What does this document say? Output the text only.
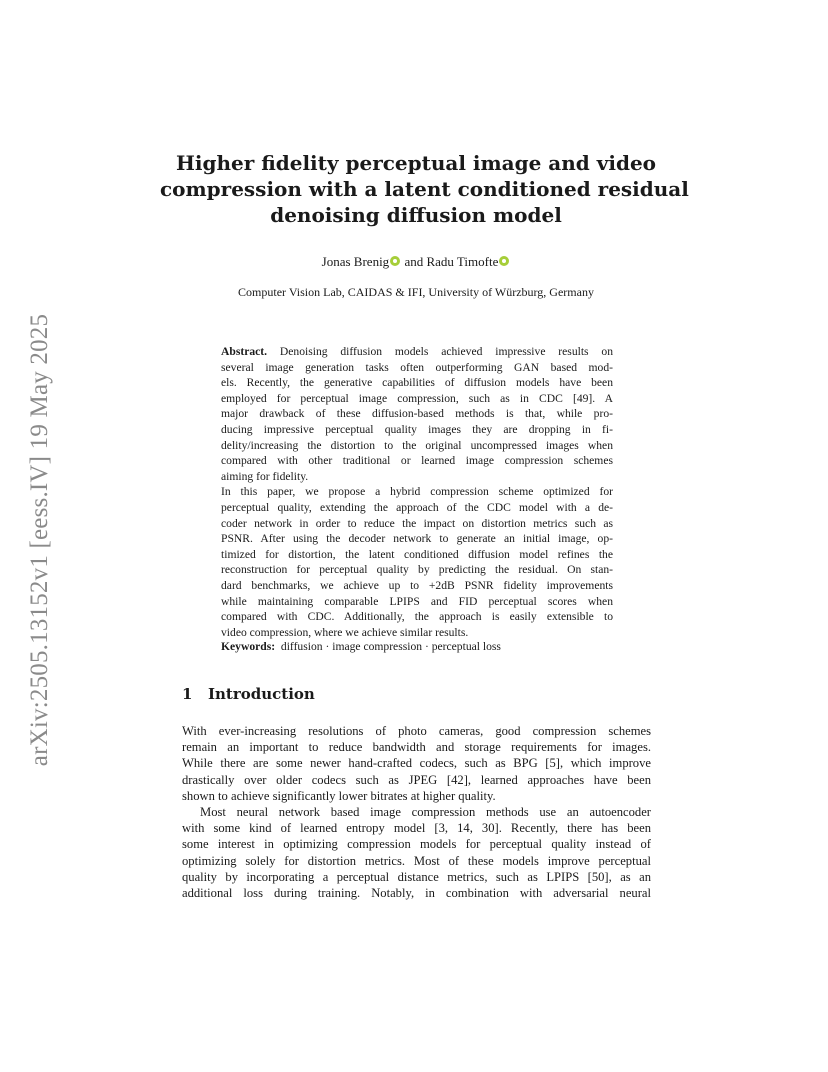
arXiv:2505.13152v1 [eess.IV] 19 May 2025
Higher fidelity perceptual image and video
compression with a latent conditioned residual
denoising diffusion model
Jonas Brenig and Radu Timofte
Computer Vision Lab, CAIDAS & IFI, University of Würzburg, Germany
Abstract. Denoising diffusion models achieved impressive results on
several image generation tasks often outperforming GAN based mod-
els. Recently, the generative capabilities of diffusion models have been
employed for perceptual image compression, such as in CDC [49]. A
major drawback of these diffusion-based methods is that, while pro-
ducing impressive perceptual quality images they are dropping in fi-
delity/increasing the distortion to the original uncompressed images when
compared with other traditional or learned image compression schemes
aiming for fidelity.
In this paper, we propose a hybrid compression scheme optimized for
perceptual quality, extending the approach of the CDC model with a de-
coder network in order to reduce the impact on distortion metrics such as
PSNR. After using the decoder network to generate an initial image, op-
timized for distortion, the latent conditioned diffusion model refines the
reconstruction for perceptual quality by predicting the residual. On stan-
dard benchmarks, we achieve up to +2dB PSNR fidelity improvements
while maintaining comparable LPIPS and FID perceptual scores when
compared with CDC. Additionally, the approach is easily extensible to
video compression, where we achieve similar results.
Keywords: diffusion · image compression · perceptual loss
1 Introduction
With ever-increasing resolutions of photo cameras, good compression schemes
remain an important to reduce bandwidth and storage requirements for images.
While there are some newer hand-crafted codecs, such as BPG [5], which improve
drastically over older codecs such as JPEG [42], learned approaches have been
shown to achieve significantly lower bitrates at higher quality.
Most neural network based image compression methods use an autoencoder
with some kind of learned entropy model [3, 14, 30]. Recently, there has been
some interest in optimizing compression models for perceptual quality instead of
optimizing solely for distortion metrics. Most of these models improve perceptual
quality by incorporating a perceptual distance metrics, such as LPIPS [50], as an
additional loss during training. Notably, in combination with adversarial neural
